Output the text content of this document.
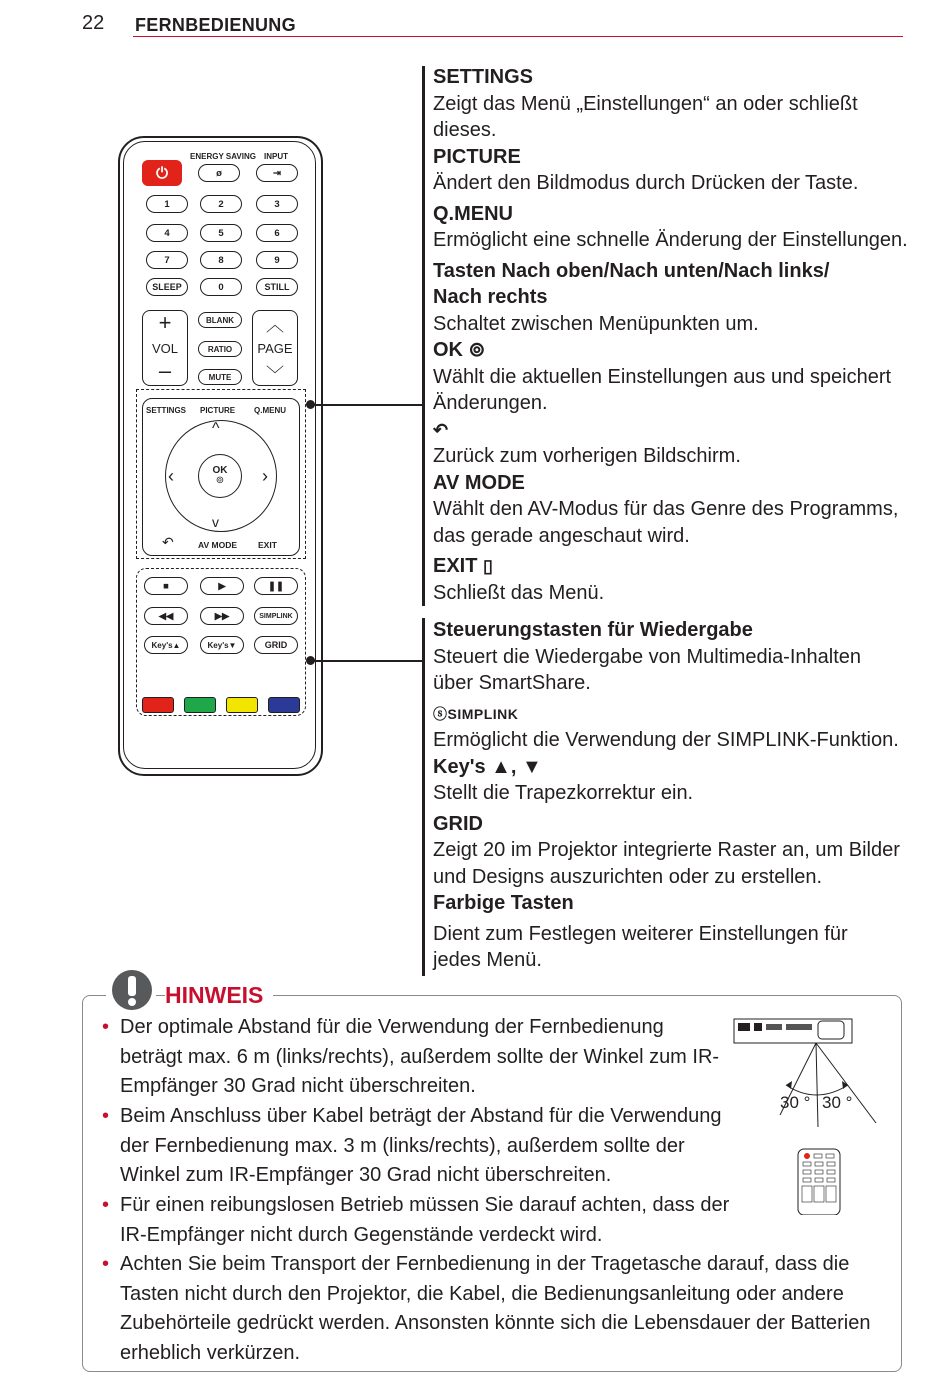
22 FERNBEDIENUNG
ENERGY SAVING INPUT
⏻	ø	⇥
1	2	3
4	5	6
7	8	9
SLEEP	0	STILL
+
VOL
–
BLANK
RATIO
MUTE
︿
PAGE
﹀
SETTINGS PICTURE Q.MENU
^
‹	›
v
OK
⊚
↶	AV MODE EXIT
■	▶	❚❚
◀◀	▶▶	SIMPLINK
Key's▲	Key's▼	GRID
SETTINGS
Zeigt das Menü „Einstellungen“ an oder schließt dieses.
PICTURE
Ändert den Bildmodus durch Drücken der Taste.
Q.MENU
Ermöglicht eine schnelle Änderung der Einstellungen.
Tasten Nach oben/Nach unten/Nach links/ Nach rechts
Schaltet zwischen Menüpunkten um.
OK ⊚
Wählt die aktuellen Einstellungen aus und speichert Änderungen.
↶
Zurück zum vorherigen Bildschirm.
AV MODE
Wählt den AV-Modus für das Genre des Programms, das gerade angeschaut wird.
EXIT ▯
Schließt das Menü.
Steuerungstasten für Wiedergabe
Steuert die Wiedergabe von Multimedia-Inhalten über SmartShare.
ⓢSIMPLINK
Ermöglicht die Verwendung der SIMPLINK-Funktion.
Key's ▲, ▼
Stellt die Trapezkorrektur ein.
GRID
Zeigt 20 im Projektor integrierte Raster an, um Bilder und Designs auszurichten oder zu erstellen.
Farbige Tasten
Dient zum Festlegen weiterer Einstellungen für jedes Menü.
HINWEIS
• Der optimale Abstand für die Verwendung der Fernbedienung beträgt max. 6 m (links/rechts), außerdem sollte der Winkel zum IR-Empfänger 30 Grad nicht überschreiten.
• Beim Anschluss über Kabel beträgt der Abstand für die Verwendung der Fernbedienung max. 3 m (links/rechts), außerdem sollte der Winkel zum IR-Empfänger 30 Grad nicht überschreiten.
• Für einen reibungslosen Betrieb müssen Sie darauf achten, dass der IR-Empfänger nicht durch Gegenstände verdeckt wird.
• Achten Sie beim Transport der Fernbedienung in der Tragetasche darauf, dass die Tasten nicht durch den Projektor, die Kabel, die Bedienungsanleitung oder andere Zubehörteile gedrückt werden. Ansonsten könnte sich die Lebensdauer der Batterien erheblich verkürzen.
30 ° 30 °
